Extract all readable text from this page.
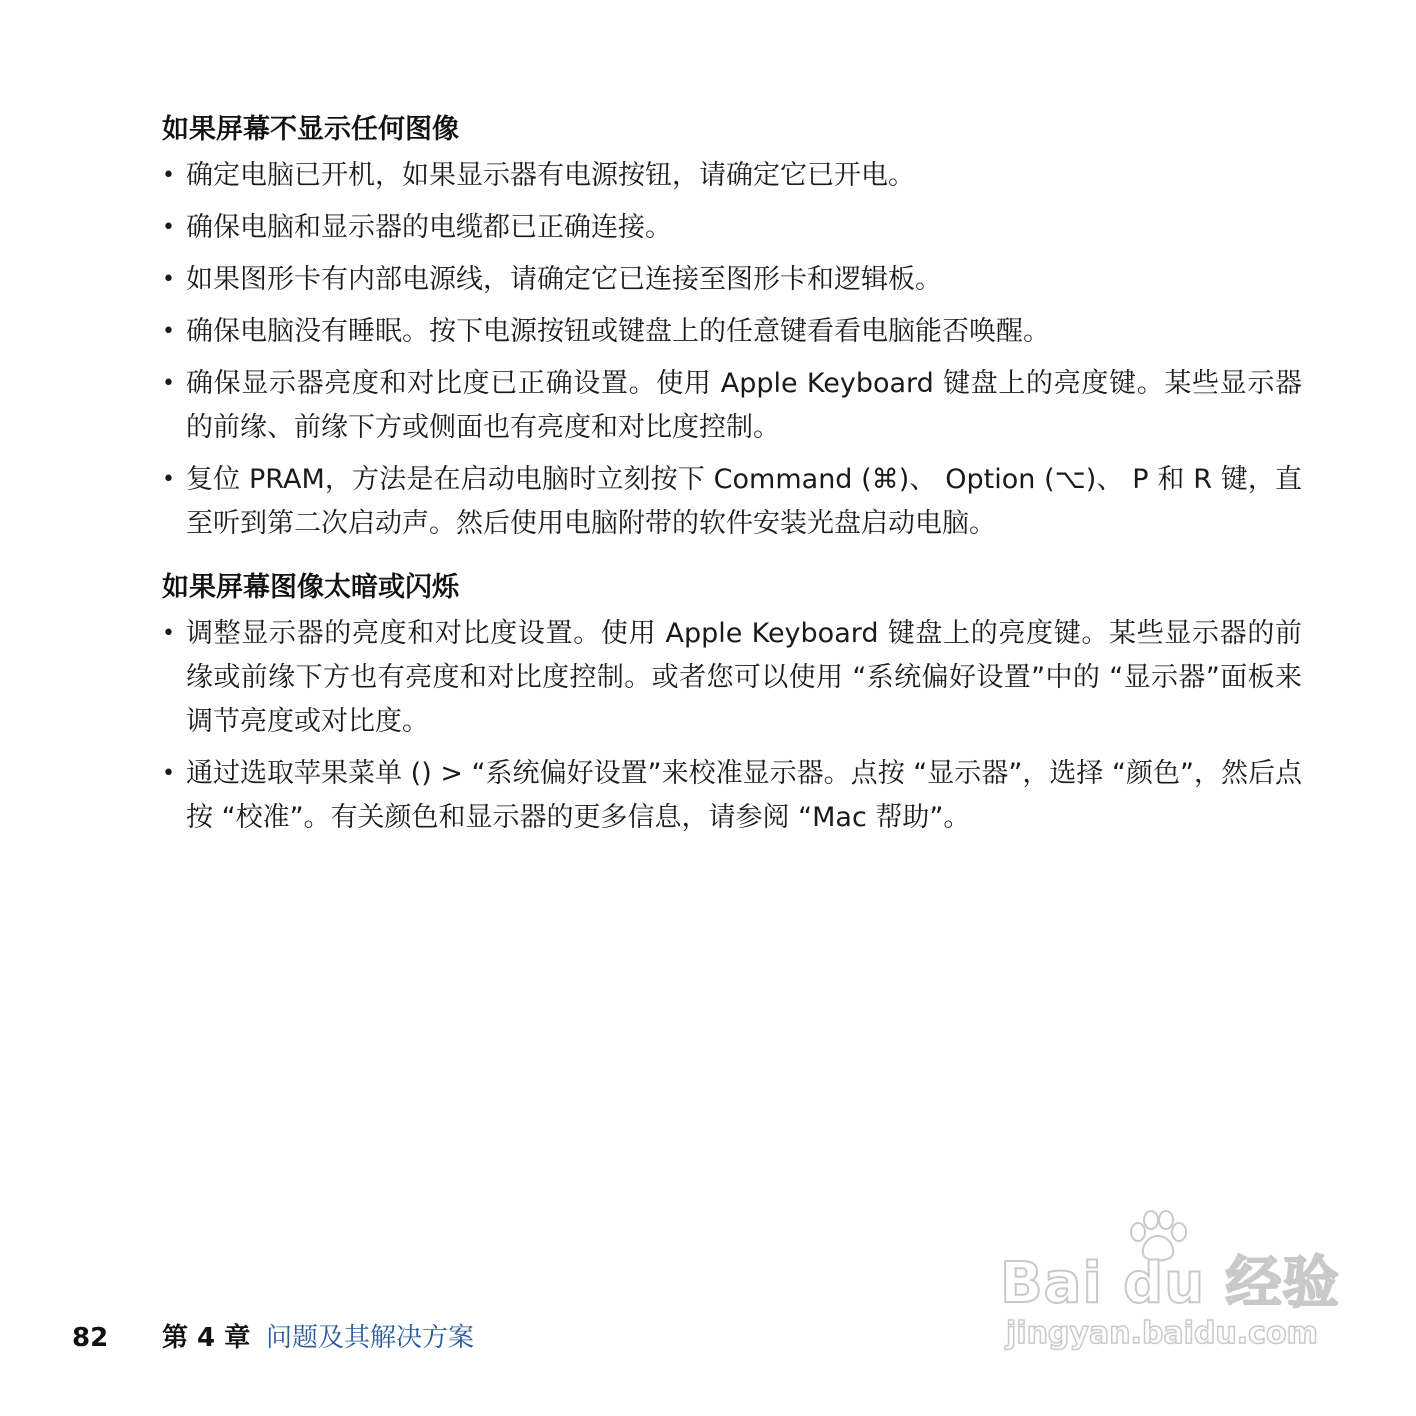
如果屏幕不显示任何图像
• 确定电脑已开机，如果显示器有电源按钮，请确定它已开电。
• 确保电脑和显示器的电缆都已正确连接。
• 如果图形卡有内部电源线，请确定它已连接至图形卡和逻辑板。
• 确保电脑没有睡眠。按下电源按钮或键盘上的任意键看看电脑能否唤醒。
• 确保显示器亮度和对比度已正确设置。使用 Apple Keyboard 键盘上的亮度键。某些显示器的前缘、前缘下方或侧面也有亮度和对比度控制。
• 复位 PRAM，方法是在启动电脑时立刻按下 Command (⌘)、 Option (⌥)、 P 和 R 键，直至听到第二次启动声。然后使用电脑附带的软件安装光盘启动电脑。
如果屏幕图像太暗或闪烁
• 调整显示器的亮度和对比度设置。使用 Apple Keyboard 键盘上的亮度键。某些显示器的前缘或前缘下方也有亮度和对比度控制。或者您可以使用 “系统偏好设置”中的 “显示器”面板来调节亮度或对比度。
• 通过选取苹果菜单 () > “系统偏好设置”来校准显示器。点按 “显示器”，选择 “颜色”，然后点按 “校准”。有关颜色和显示器的更多信息，请参阅 “Mac 帮助”。
82	第 4 章 问题及其解决方案
Bai du 经验
jingyan.baidu.com
